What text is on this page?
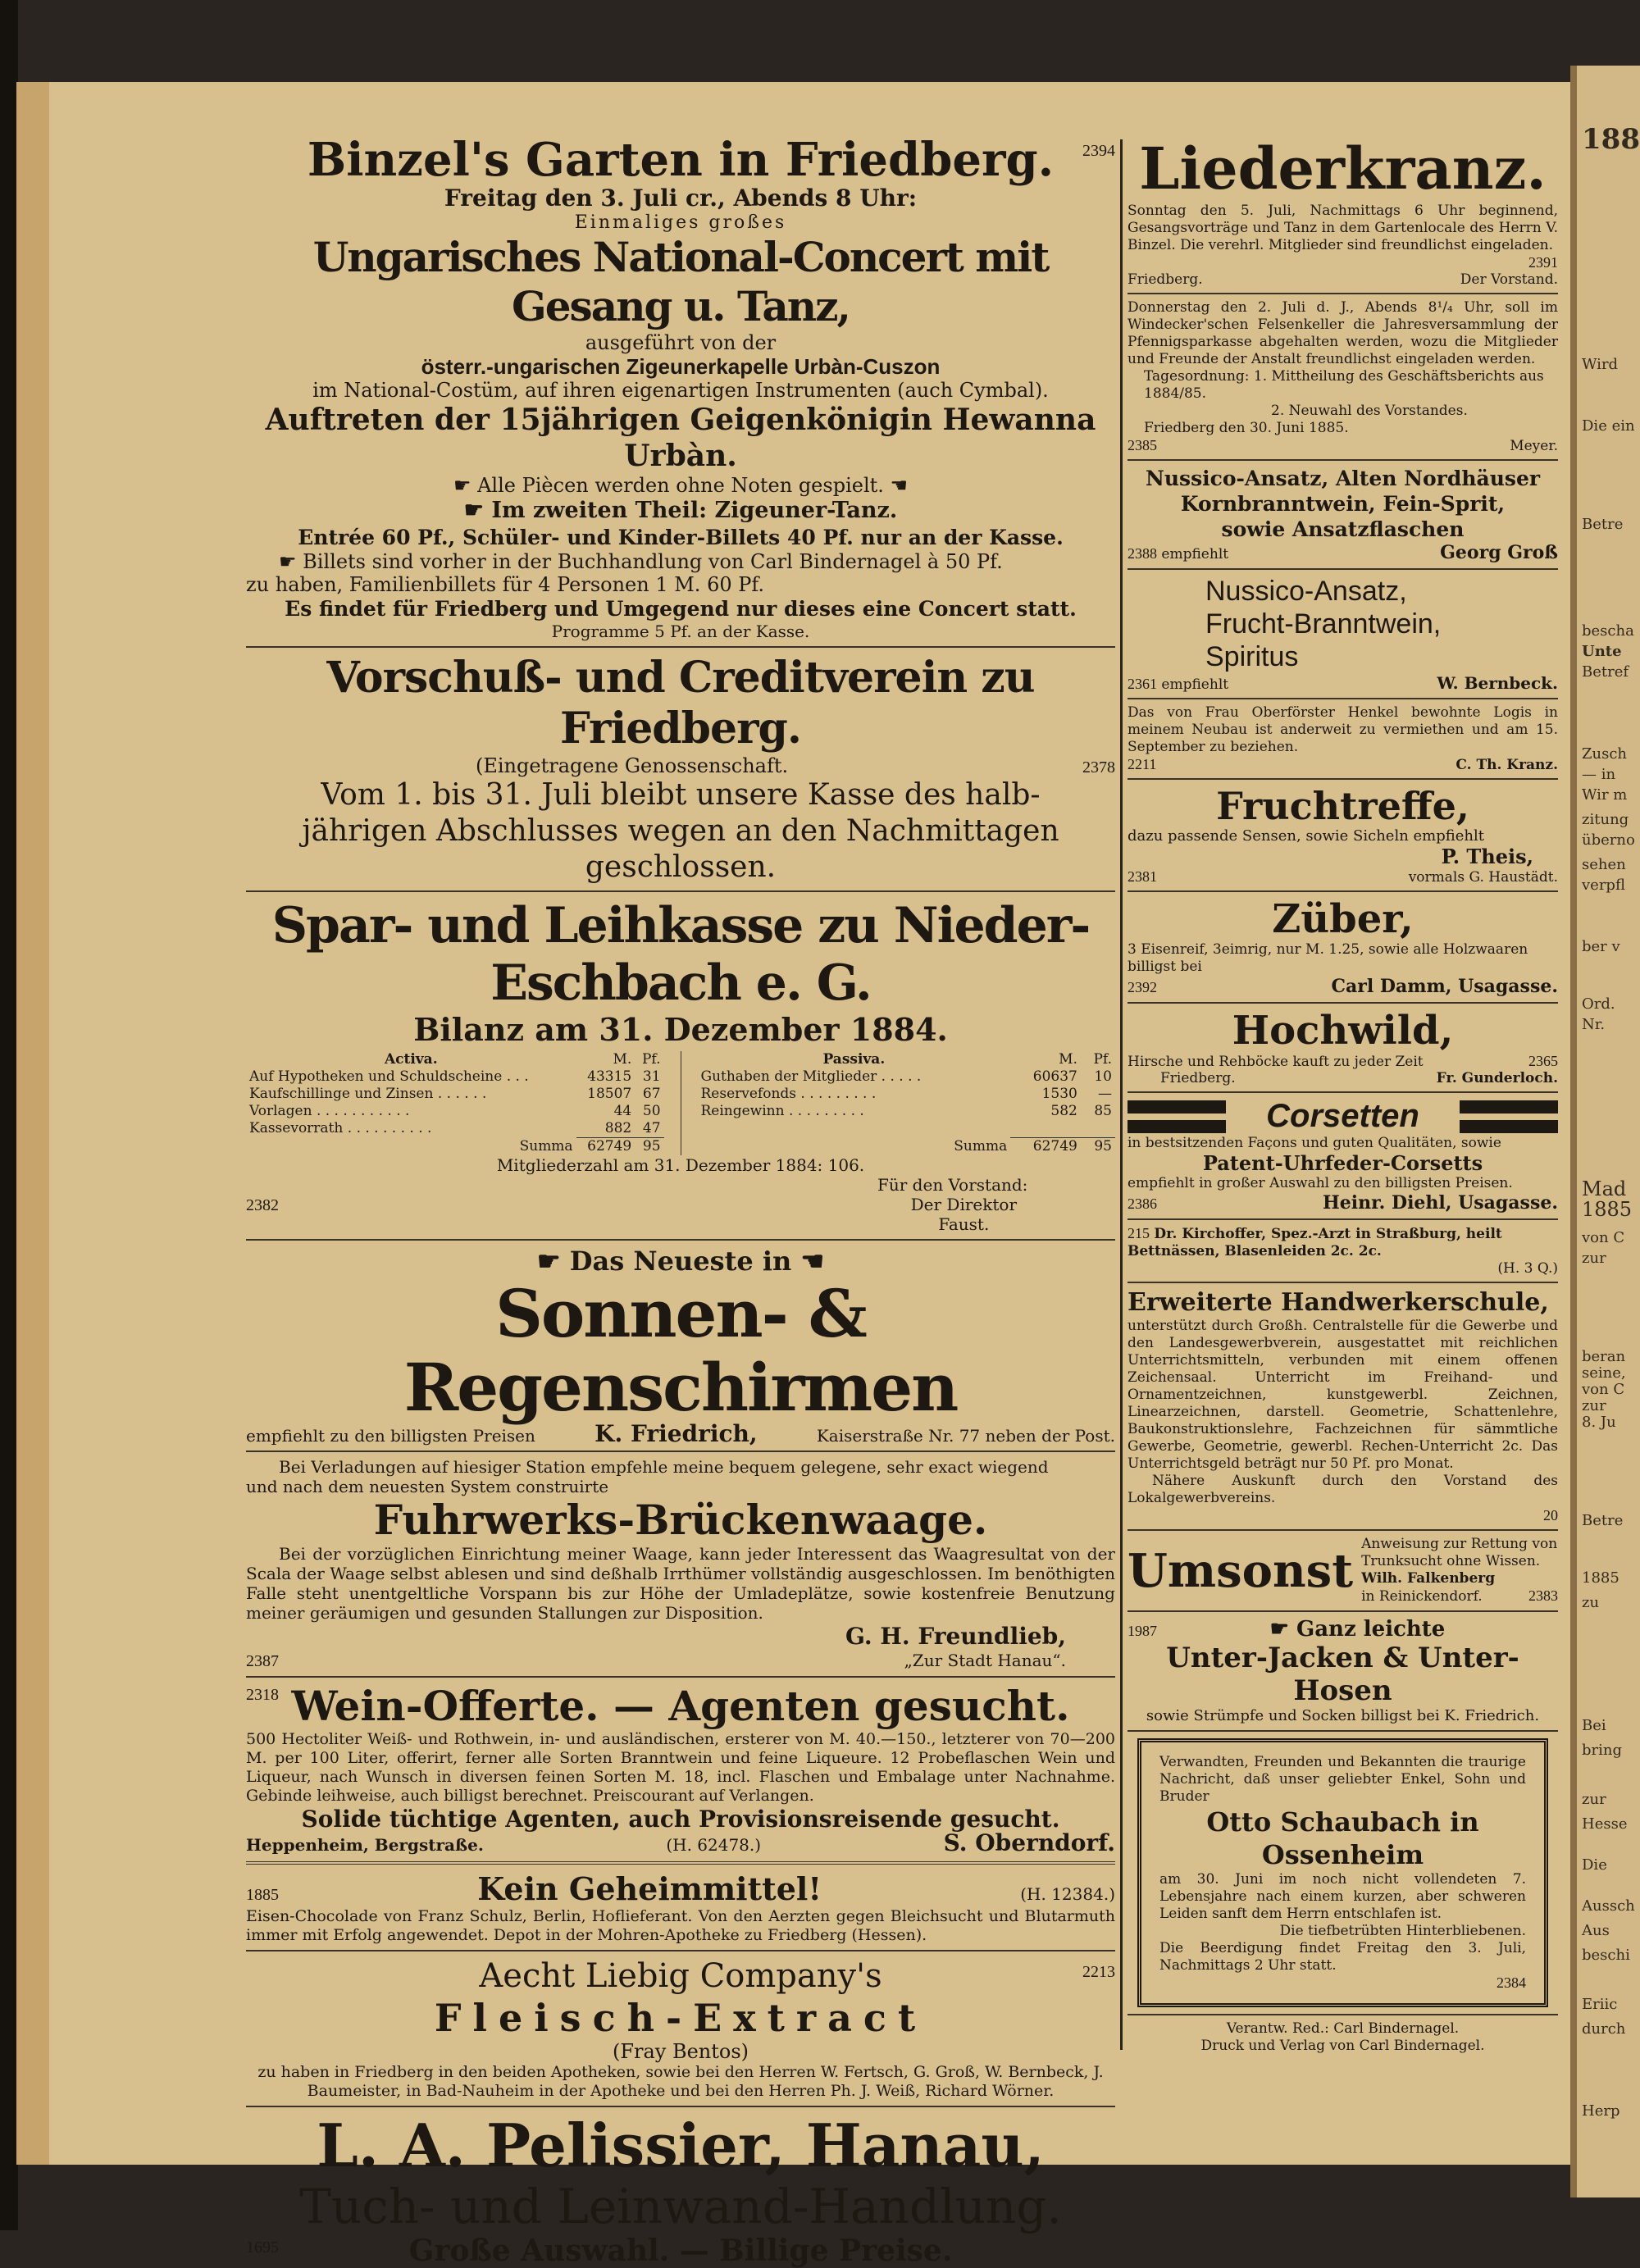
188
Wird
Die ein
Betre
bescha
Unte
Betref
Zusch
— in
Wir m
zitung
überno
sehen
verpfl
ber v
Ord.
Nr.
Mad
1885
von C
zur
beran
seine,
von C
zur
8. Ju
Betre
1885
zu
Bei
bring
zur
Hesse
Die
Aussch
Aus
beschi
Eriic
durch
Herp
Binzel's Garten in Friedberg.	2394
Freitag den 3. Juli cr., Abends 8 Uhr:
Einmaliges großes
Ungarisches National-Concert mit Gesang u. Tanz,
ausgeführt von der
österr.-ungarischen Zigeunerkapelle Urbàn-Cuszon
im National-Costüm, auf ihren eigenartigen Instrumenten (auch Cymbal).
Auftreten der 15jährigen Geigenkönigin Hewanna Urbàn.
☛ Alle Piècen werden ohne Noten gespielt. ☚
☛ Im zweiten Theil: Zigeuner-Tanz.
Entrée 60 Pf., Schüler- und Kinder-Billets 40 Pf. nur an der Kasse.
☛ Billets sind vorher in der Buchhandlung von Carl Bindernagel à 50 Pf.
zu haben, Familienbillets für 4 Personen 1 M. 60 Pf.
Es findet für Friedberg und Umgegend nur dieses eine Concert statt.
Programme 5 Pf. an der Kasse.
Vorschuß- und Creditverein zu Friedberg.
(Eingetragene Genossenschaft.	2378
Vom 1. bis 31. Juli bleibt unsere Kasse des halb-
jährigen Abschlusses wegen an den Nachmittagen geschlossen.
Spar- und Leihkasse zu Nieder-Eschbach e. G.
Bilanz am 31. Dezember 1884.
Activa.	M.	Pf.
Auf Hypotheken und Schuldscheine . . .	43315	31
Kaufschillinge und Zinsen . . . . . .	18507	67
Vorlagen . . . . . . . . . . .	44	50
Kassevorrath . . . . . . . . . .	882	47
Summa	62749	95
Passiva.	M.	Pf.
Guthaben der Mitglieder . . . . .	60637	10
Reservefonds . . . . . . . . .	1530	—
Reingewinn . . . . . . . . .	582	85

Summa	62749	95
Mitgliederzahl am 31. Dezember 1884: 106.
Für den Vorstand:
2382	Der Direktor
Faust.
☛ Das Neueste in ☚
Sonnen- & Regenschirmen
empfiehlt zu den billigsten Preisen	K. Friedrich,	Kaiserstraße Nr. 77 neben der Post.
Bei Verladungen auf hiesiger Station empfehle meine bequem gelegene, sehr exact wiegend
und nach dem neuesten System construirte
Fuhrwerks-Brückenwaage.
Bei der vorzüglichen Einrichtung meiner Waage, kann jeder Interessent das Waagresultat von der Scala der Waage selbst ablesen und sind deßhalb Irrthümer vollständig ausgeschlossen. Im benöthigten Falle steht unentgeltliche Vorspann bis zur Höhe der Umladeplätze, sowie kostenfreie Benutzung meiner geräumigen und gesunden Stallungen zur Disposition.
G. H. Freundlieb,
2387	„Zur Stadt Hanau“.
2318 Wein-Offerte. — Agenten gesucht.
500 Hectoliter Weiß- und Rothwein, in- und ausländischen, ersterer von M. 40.—150., letzterer von 70—200 M. per 100 Liter, offerirt, ferner alle Sorten Branntwein und feine Liqueure. 12 Probeflaschen Wein und Liqueur, nach Wunsch in diversen feinen Sorten M. 18, incl. Flaschen und Embalage unter Nachnahme. Gebinde leihweise, auch billigst berechnet. Preiscourant auf Verlangen.
Solide tüchtige Agenten, auch Provisionsreisende gesucht.
Heppenheim, Bergstraße.	(H. 62478.)	S. Oberndorf.
1885	Kein Geheimmittel!	(H. 12384.)
Eisen-Chocolade von Franz Schulz, Berlin, Hoflieferant. Von den Aerzten gegen Bleichsucht und Blutarmuth immer mit Erfolg angewendet. Depot in der Mohren-Apotheke zu Friedberg (Hessen).
Aecht Liebig Company's	2213
Fleisch-Extract
(Fray Bentos)
zu haben in Friedberg in den beiden Apotheken, sowie bei den Herren W. Fertsch, G. Groß, W. Bernbeck, J. Baumeister, in Bad-Nauheim in der Apotheke und bei den Herren Ph. J. Weiß, Richard Wörner.
L. A. Pelissier, Hanau,
Tuch- und Leinwand-Handlung.
1695	Große Auswahl. — Billige Preise.
Liederkranz.
Sonntag den 5. Juli, Nachmittags 6 Uhr beginnend, Gesangsvorträge und Tanz in dem Gartenlocale des Herrn V. Binzel. Die verehrl. Mitglieder sind freundlichst eingeladen.
2391
Friedberg.	Der Vorstand.
Donnerstag den 2. Juli d. J., Abends 8¹/₄ Uhr, soll im Windecker'schen Felsenkeller die Jahresversammlung der Pfennigsparkasse abgehalten werden, wozu die Mitglieder und Freunde der Anstalt freundlichst eingeladen werden.
Tagesordnung: 1. Mittheilung des Geschäftsberichts aus 1884/85.
2. Neuwahl des Vorstandes.
Friedberg den 30. Juni 1885.
2385	Meyer.
Nussico-Ansatz, Alten Nordhäuser Kornbranntwein, Fein-Sprit,
sowie Ansatzflaschen
2388 empfiehlt	Georg Groß
Nussico-Ansatz,
Frucht-Branntwein,
Spiritus
2361 empfiehlt	W. Bernbeck.
Das von Frau Oberförster Henkel bewohnte Logis in meinem Neubau ist anderweit zu vermiethen und am 15. September zu beziehen.
2211	C. Th. Kranz.
Fruchtreffe,
dazu passende Sensen, sowie Sicheln empfiehlt
P. Theis,
2381	vormals G. Haustädt.
Züber,
3 Eisenreif, 3eimrig, nur M. 1.25, sowie alle Holzwaaren billigst bei
2392	Carl Damm, Usagasse.
Hochwild,
Hirsche und Rehböcke kauft zu jeder Zeit	2365
Friedberg.	Fr. Gunderloch.
Corsetten
in bestsitzenden Façons und guten Qualitäten, sowie
Patent-Uhrfeder-Corsetts
empfiehlt in großer Auswahl zu den billigsten Preisen.
2386	Heinr. Diehl, Usagasse.
215 Dr. Kirchoffer, Spez.-Arzt in Straßburg, heilt Bettnässen, Blasenleiden 2c. 2c.
(H. 3 Q.)
Erweiterte Handwerkerschule,
unterstützt durch Großh. Centralstelle für die Gewerbe und den Landesgewerbverein, ausgestattet mit reichlichen Unterrichtsmitteln, verbunden mit einem offenen Zeichensaal. Unterricht im Freihand- und Ornamentzeichnen, kunstgewerbl. Zeichnen, Linearzeichnen, darstell. Geometrie, Schattenlehre, Baukonstruktionslehre, Fachzeichnen für sämmtliche Gewerbe, Geometrie, gewerbl. Rechen-Unterricht 2c. Das Unterrichtsgeld beträgt nur 50 Pf. pro Monat.
Nähere Auskunft durch den Vorstand des Lokalgewerbvereins.
20
Umsonst Anweisung zur Rettung von Trunksucht ohne Wissen.
Wilh. Falkenberg
in Reinickendorf.	2383
1987	☛ Ganz leichte
Unter-Jacken & Unter-Hosen
sowie Strümpfe und Socken billigst bei K. Friedrich.
Verwandten, Freunden und Bekannten die traurige Nachricht, daß unser geliebter Enkel, Sohn und Bruder
Otto Schaubach in Ossenheim
am 30. Juni im noch nicht vollendeten 7. Lebensjahre nach einem kurzen, aber schweren Leiden sanft dem Herrn entschlafen ist.
Die tiefbetrübten Hinterbliebenen.
Die Beerdigung findet Freitag den 3. Juli, Nachmittags 2 Uhr statt.
2384
Verantw. Red.: Carl Bindernagel.
Druck und Verlag von Carl Bindernagel.
